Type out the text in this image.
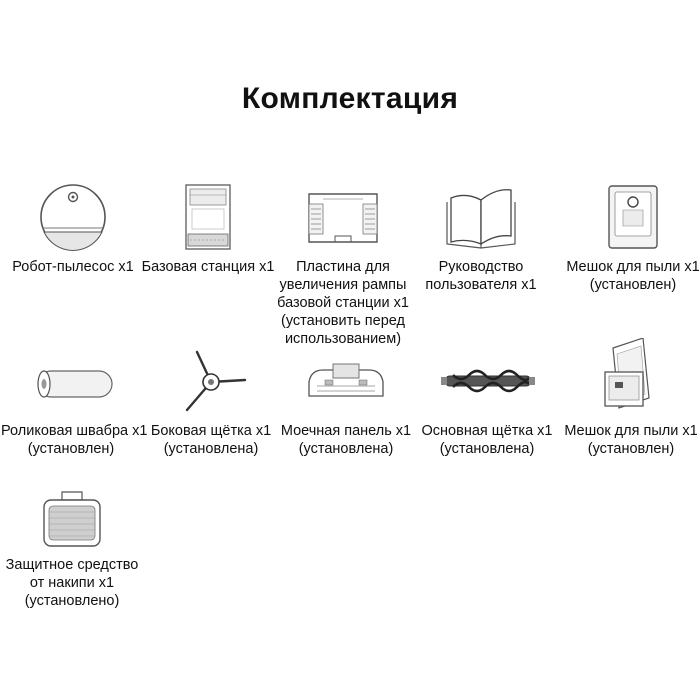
Комплектация
Робот-пылесос x1 Базовая станция x1	Пластина для
увеличения рампы
базовой станции x1
(установить перед
использованием)
Руководство
пользователя x1
Мешок для пыли x1
(установлен)
Роликовая швабра x1
(установлен)
Боковая щётка x1
(установлена)
Моечная панель x1
(установлена)
Основная щётка x1
(установлена)
Мешок для пыли x1
(установлен)
Защитное средство
от накипи x1
(установлено)
